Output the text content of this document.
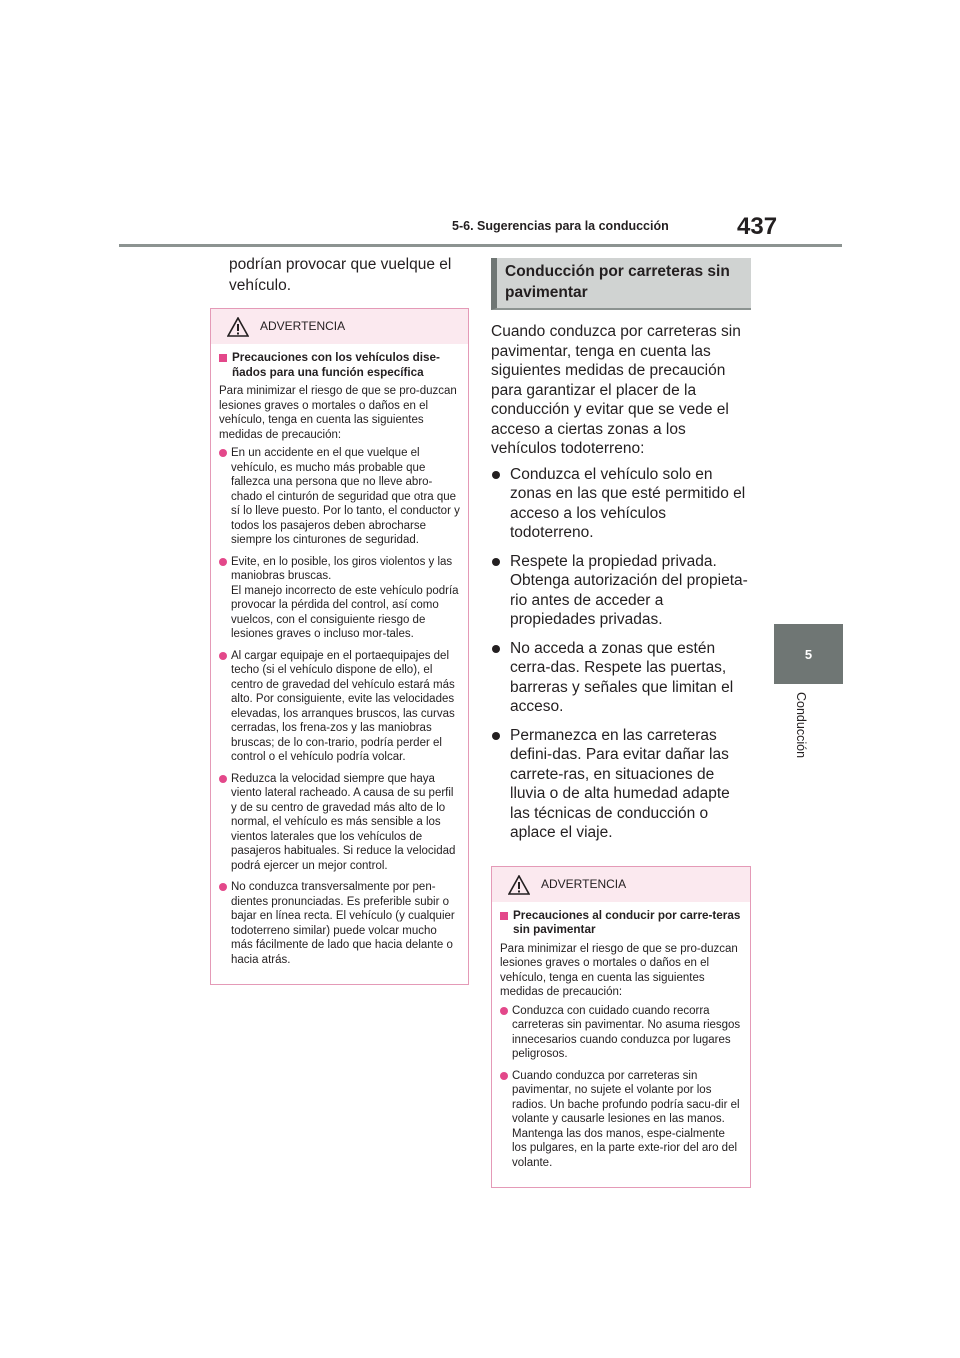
5-6. Sugerencias para la conducción	437
5
Conducción
podrían provocar que vuelque el vehículo.
ADVERTENCIA
Precauciones con los vehículos dise-ñados para una función específica
Para minimizar el riesgo de que se pro-duzcan lesiones graves o mortales o daños en el vehículo, tenga en cuenta las siguientes medidas de precaución:
En un accidente en el que vuelque el vehículo, es mucho más probable que fallezca una persona que no lleve abro-chado el cinturón de seguridad que otra que sí lo lleve puesto. Por lo tanto, el conductor y todos los pasajeros deben abrocharse siempre los cinturones de seguridad.
Evite, en lo posible, los giros violentos y las maniobras bruscas.
El manejo incorrecto de este vehículo podría provocar la pérdida del control, así como vuelcos, con el consiguiente riesgo de lesiones graves o incluso mor-tales.
Al cargar equipaje en el portaequipajes del techo (si el vehículo dispone de ello), el centro de gravedad del vehículo estará más alto. Por consiguiente, evite las velocidades elevadas, los arranques bruscos, las curvas cerradas, los frena-zos y las maniobras bruscas; de lo con-trario, podría perder el control o el vehículo podría volcar.
Reduzca la velocidad siempre que haya viento lateral racheado. A causa de su perfil y de su centro de gravedad más alto de lo normal, el vehículo es más sensible a los vientos laterales que los vehículos de pasajeros habituales. Si reduce la velocidad podrá ejercer un mejor control.
No conduzca transversalmente por pen-dientes pronunciadas. Es preferible subir o bajar en línea recta. El vehículo (y cualquier todoterreno similar) puede volcar mucho más fácilmente de lado que hacia delante o hacia atrás.
Conducción por carreteras sin pavimentar
Cuando conduzca por carreteras sin pavimentar, tenga en cuenta las siguientes medidas de precaución para garantizar el placer de la conducción y evitar que se vede el acceso a ciertas zonas a los vehículos todoterreno:
Conduzca el vehículo solo en zonas en las que esté permitido el acceso a los vehículos todoterreno.
Respete la propiedad privada. Obtenga autorización del propieta-rio antes de acceder a propiedades privadas.
No acceda a zonas que estén cerra-das. Respete las puertas, barreras y señales que limitan el acceso.
Permanezca en las carreteras defini-das. Para evitar dañar las carrete-ras, en situaciones de lluvia o de alta humedad adapte las técnicas de conducción o aplace el viaje.
ADVERTENCIA
Precauciones al conducir por carre-teras sin pavimentar
Para minimizar el riesgo de que se pro-duzcan lesiones graves o mortales o daños en el vehículo, tenga en cuenta las siguientes medidas de precaución:
Conduzca con cuidado cuando recorra carreteras sin pavimentar. No asuma riesgos innecesarios cuando conduzca por lugares peligrosos.
Cuando conduzca por carreteras sin pavimentar, no sujete el volante por los radios. Un bache profundo podría sacu-dir el volante y causarle lesiones en las manos. Mantenga las dos manos, espe-cialmente los pulgares, en la parte exte-rior del aro del volante.
